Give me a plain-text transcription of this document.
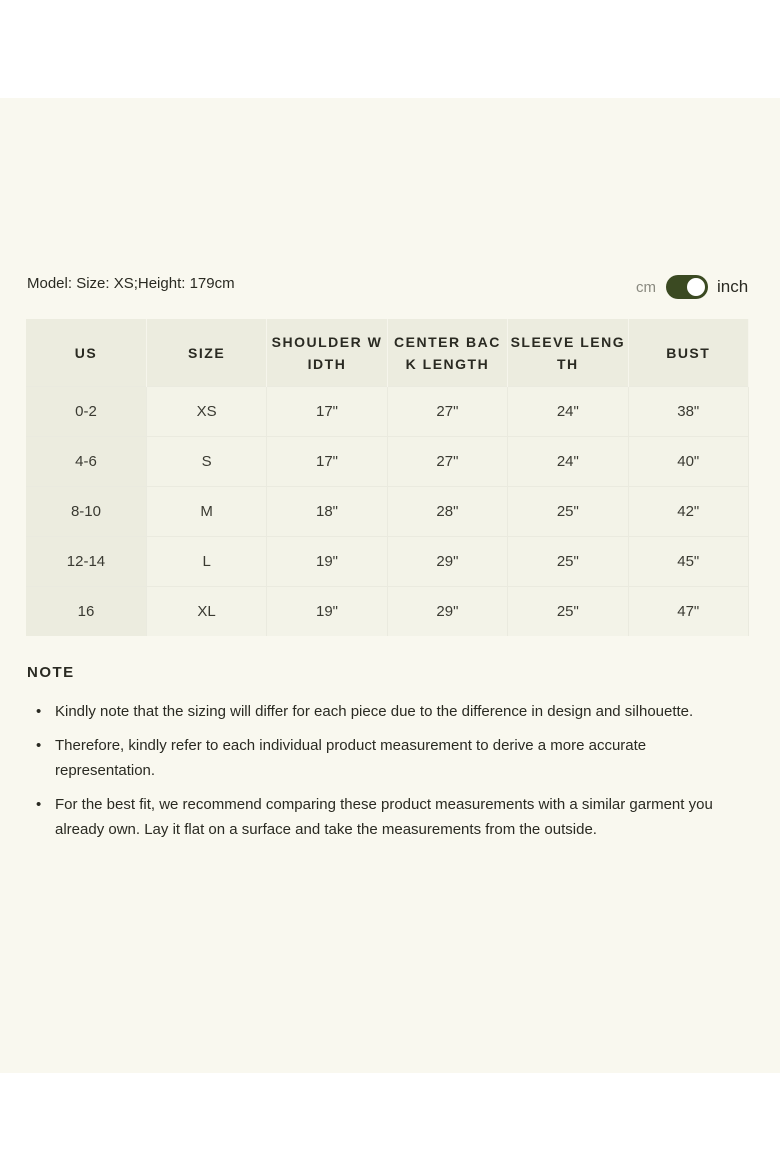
Model: Size: XS;Height: 179cm	cm	inch
US	SIZE	SHOULDER WIDTH	CENTER BACK LENGTH	SLEEVE LENGTH	BUST
0-2	XS	17"	27"	24"	38"
4-6	S	17"	27"	24"	40"
8-10	M	18"	28"	25"	42"
12-14	L	19"	29"	25"	45"
16	XL	19"	29"	25"	47"
NOTE
• Kindly note that the sizing will differ for each piece due to the difference in design and silhouette.
• Therefore, kindly refer to each individual product measurement to derive a more accurate representation.
• For the best fit, we recommend comparing these product measurements with a similar garment you already own. Lay it flat on a surface and take the measurements from the outside.
